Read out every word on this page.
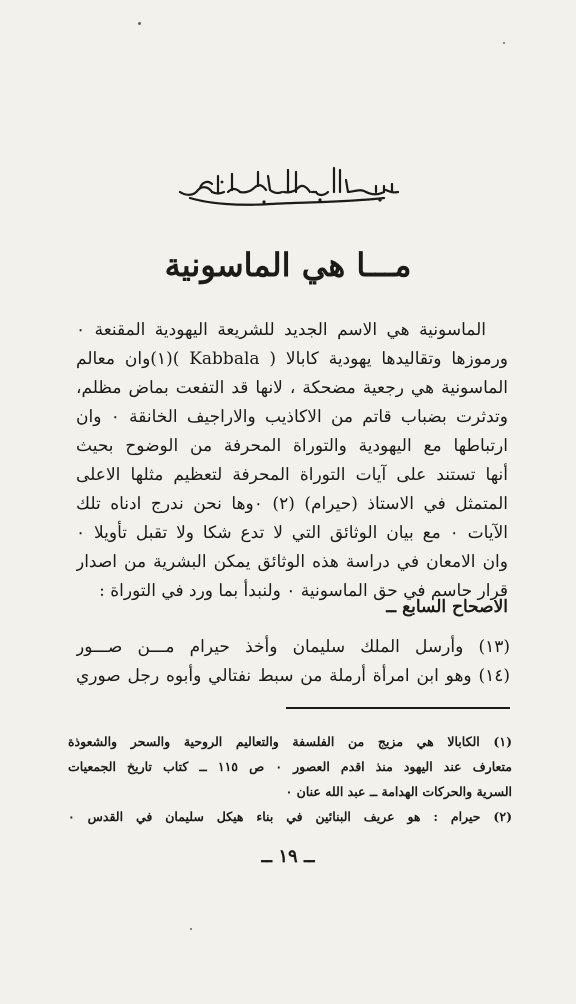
مـــا هي الماسونية
الماسونية هي الاسم الجديد للشريعة اليهودية المقنعة ٠
ورموزها وتقاليدها يهودية كابالا ( Kabbala )(١)وان معالم
الماسونية هي رجعية مضحكة ، لانها قد التفعت بماض مظلم،
وتدثرت بضباب قاتم من الاكاذيب والاراجيف الخانقة ٠ وان
ارتباطها مع اليهودية والتوراة المحرفة من الوضوح بحيث
أنها تستند على آيات التوراة المحرفة لتعظيم مثلها الاعلى
المتمثل في الاستاذ (حيرام) (٢) ٠وها نحن ندرج ادناه تلك
الآيات ٠ مع بيان الوثائق التي لا تدع شكا ولا تقبل تأويلا ٠
وان الامعان في دراسة هذه الوثائق يمكن البشرية من اصدار
قرار حاسم في حق الماسونية ٠ ولنبدأ بما ورد في التوراة :
الاصحاح السابع ــ
(١٣) وأرسل الملك سليمان وأخذ حيرام مـــن صـــور
(١٤) وهو ابن امرأة أرملة من سبط نفتالي وأبوه رجل صوري
(١) الكابالا هي مزيج من الفلسفة والتعاليم الروحية والسحر والشعوذة
متعارف عند اليهود منذ اقدم العصور ٠ ص ١١٥ ــ كتاب تاريخ الجمعيات
السرية والحركات الهدامة ــ عبد الله عنان ٠
(٢) حيرام : هو عريف البنائين في بناء هيكل سليمان في القدس ٠
ــ ١٩ ــ
